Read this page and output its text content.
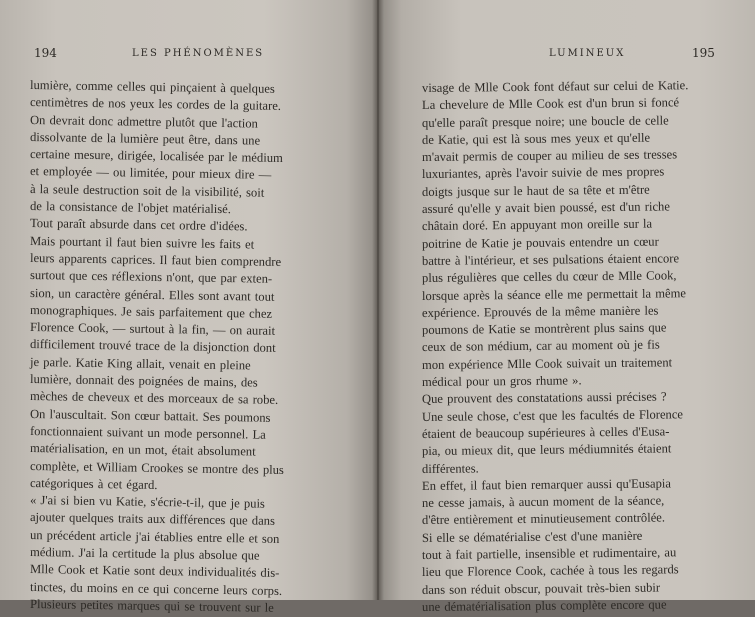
194	LES PHÉNOMÈNES
lumière, comme celles qui pinçaient à quelques
centimètres de nos yeux les cordes de la guitare.
On devrait donc admettre plutôt que l'action
dissolvante de la lumière peut être, dans une
certaine mesure, dirigée, localisée par le médium
et employée — ou limitée, pour mieux dire —
à la seule destruction soit de la visibilité, soit
de la consistance de l'objet matérialisé.
Tout paraît absurde dans cet ordre d'idées.
Mais pourtant il faut bien suivre les faits et
leurs apparents caprices. Il faut bien comprendre
surtout que ces réflexions n'ont, que par exten-
sion, un caractère général. Elles sont avant tout
monographiques. Je sais parfaitement que chez
Florence Cook, — surtout à la fin, — on aurait
difficilement trouvé trace de la disjonction dont
je parle. Katie King allait, venait en pleine
lumière, donnait des poignées de mains, des
mèches de cheveux et des morceaux de sa robe.
On l'auscultait. Son cœur battait. Ses poumons
fonctionnaient suivant un mode personnel. La
matérialisation, en un mot, était absolument
complète, et William Crookes se montre des plus
catégoriques à cet égard.
« J'ai si bien vu Katie, s'écrie-t-il, que je puis
ajouter quelques traits aux différences que dans
un précédent article j'ai établies entre elle et son
médium. J'ai la certitude la plus absolue que
Mlle Cook et Katie sont deux individualités dis-
tinctes, du moins en ce qui concerne leurs corps.
Plusieurs petites marques qui se trouvent sur le
LUMINEUX	195
visage de Mlle Cook font défaut sur celui de Katie.
La chevelure de Mlle Cook est d'un brun si foncé
qu'elle paraît presque noire; une boucle de celle
de Katie, qui est là sous mes yeux et qu'elle
m'avait permis de couper au milieu de ses tresses
luxuriantes, après l'avoir suivie de mes propres
doigts jusque sur le haut de sa tête et m'être
assuré qu'elle y avait bien poussé, est d'un riche
châtain doré. En appuyant mon oreille sur la
poitrine de Katie je pouvais entendre un cœur
battre à l'intérieur, et ses pulsations étaient encore
plus régulières que celles du cœur de Mlle Cook,
lorsque après la séance elle me permettait la même
expérience. Eprouvés de la même manière les
poumons de Katie se montrèrent plus sains que
ceux de son médium, car au moment où je fis
mon expérience Mlle Cook suivait un traitement
médical pour un gros rhume ».
Que prouvent des constatations aussi précises ?
Une seule chose, c'est que les facultés de Florence
étaient de beaucoup supérieures à celles d'Eusa-
pia, ou mieux dit, que leurs médiumnités étaient
différentes.
En effet, il faut bien remarquer aussi qu'Eusapia
ne cesse jamais, à aucun moment de la séance,
d'être entièrement et minutieusement contrôlée.
Si elle se dématérialise c'est d'une manière
tout à fait partielle, insensible et rudimentaire, au
lieu que Florence Cook, cachée à tous les regards
dans son réduit obscur, pouvait très-bien subir
une dématérialisation plus complète encore que
